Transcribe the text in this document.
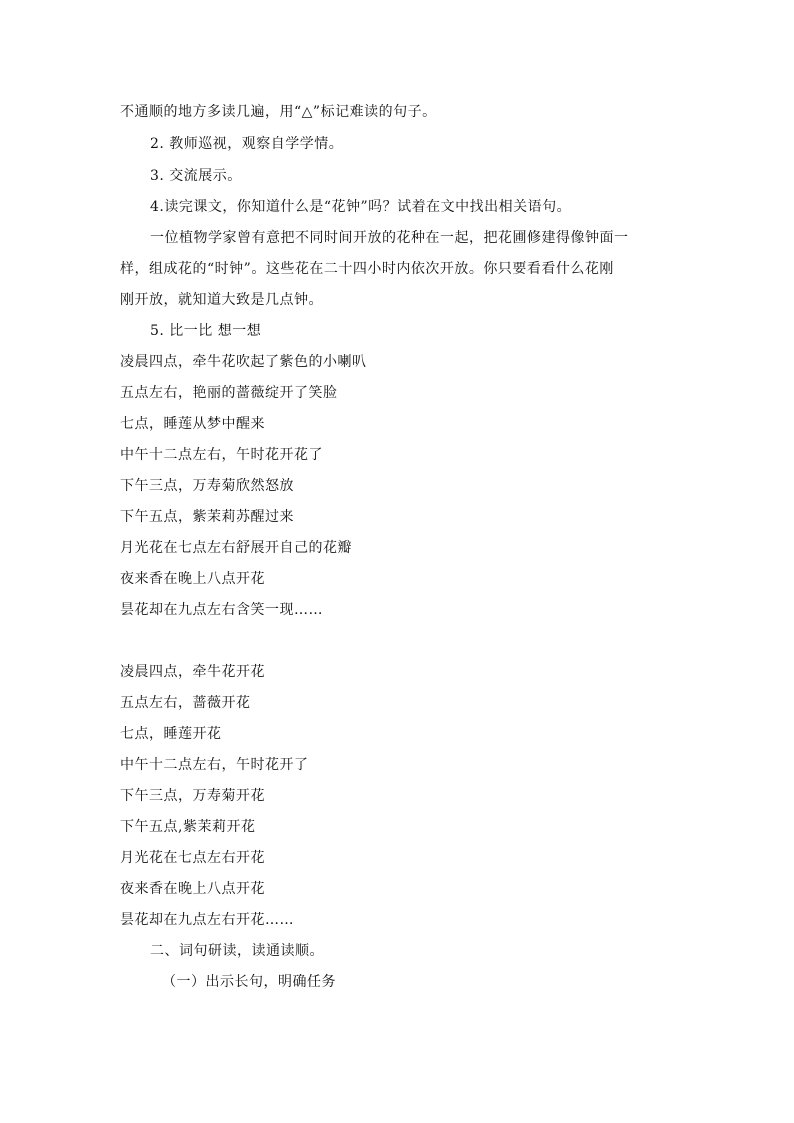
不通顺的地方多读几遍，用“△”标记难读的句子。
2. 教师巡视，观察自学学情。
3. 交流展示。
4.读完课文，你知道什么是“花钟”吗？试着在文中找出相关语句。
一位植物学家曾有意把不同时间开放的花种在一起，把花圃修建得像钟面一
样，组成花的“时钟”。这些花在二十四小时内依次开放。你只要看看什么花刚
刚开放，就知道大致是几点钟。
5. 比一比 想一想
凌晨四点，牵牛花吹起了紫色的小喇叭
五点左右，艳丽的蔷薇绽开了笑脸
七点，睡莲从梦中醒来
中午十二点左右，午时花开花了
下午三点，万寿菊欣然怒放
下午五点，紫茉莉苏醒过来
月光花在七点左右舒展开自己的花瓣
夜来香在晚上八点开花
昙花却在九点左右含笑一现……
凌晨四点，牵牛花开花
五点左右，蔷薇开花
七点，睡莲开花
中午十二点左右，午时花开了
下午三点，万寿菊开花
下午五点,紫茉莉开花
月光花在七点左右开花
夜来香在晚上八点开花
昙花却在九点左右开花……
二、词句研读，读通读顺。
（一）出示长句，明确任务
